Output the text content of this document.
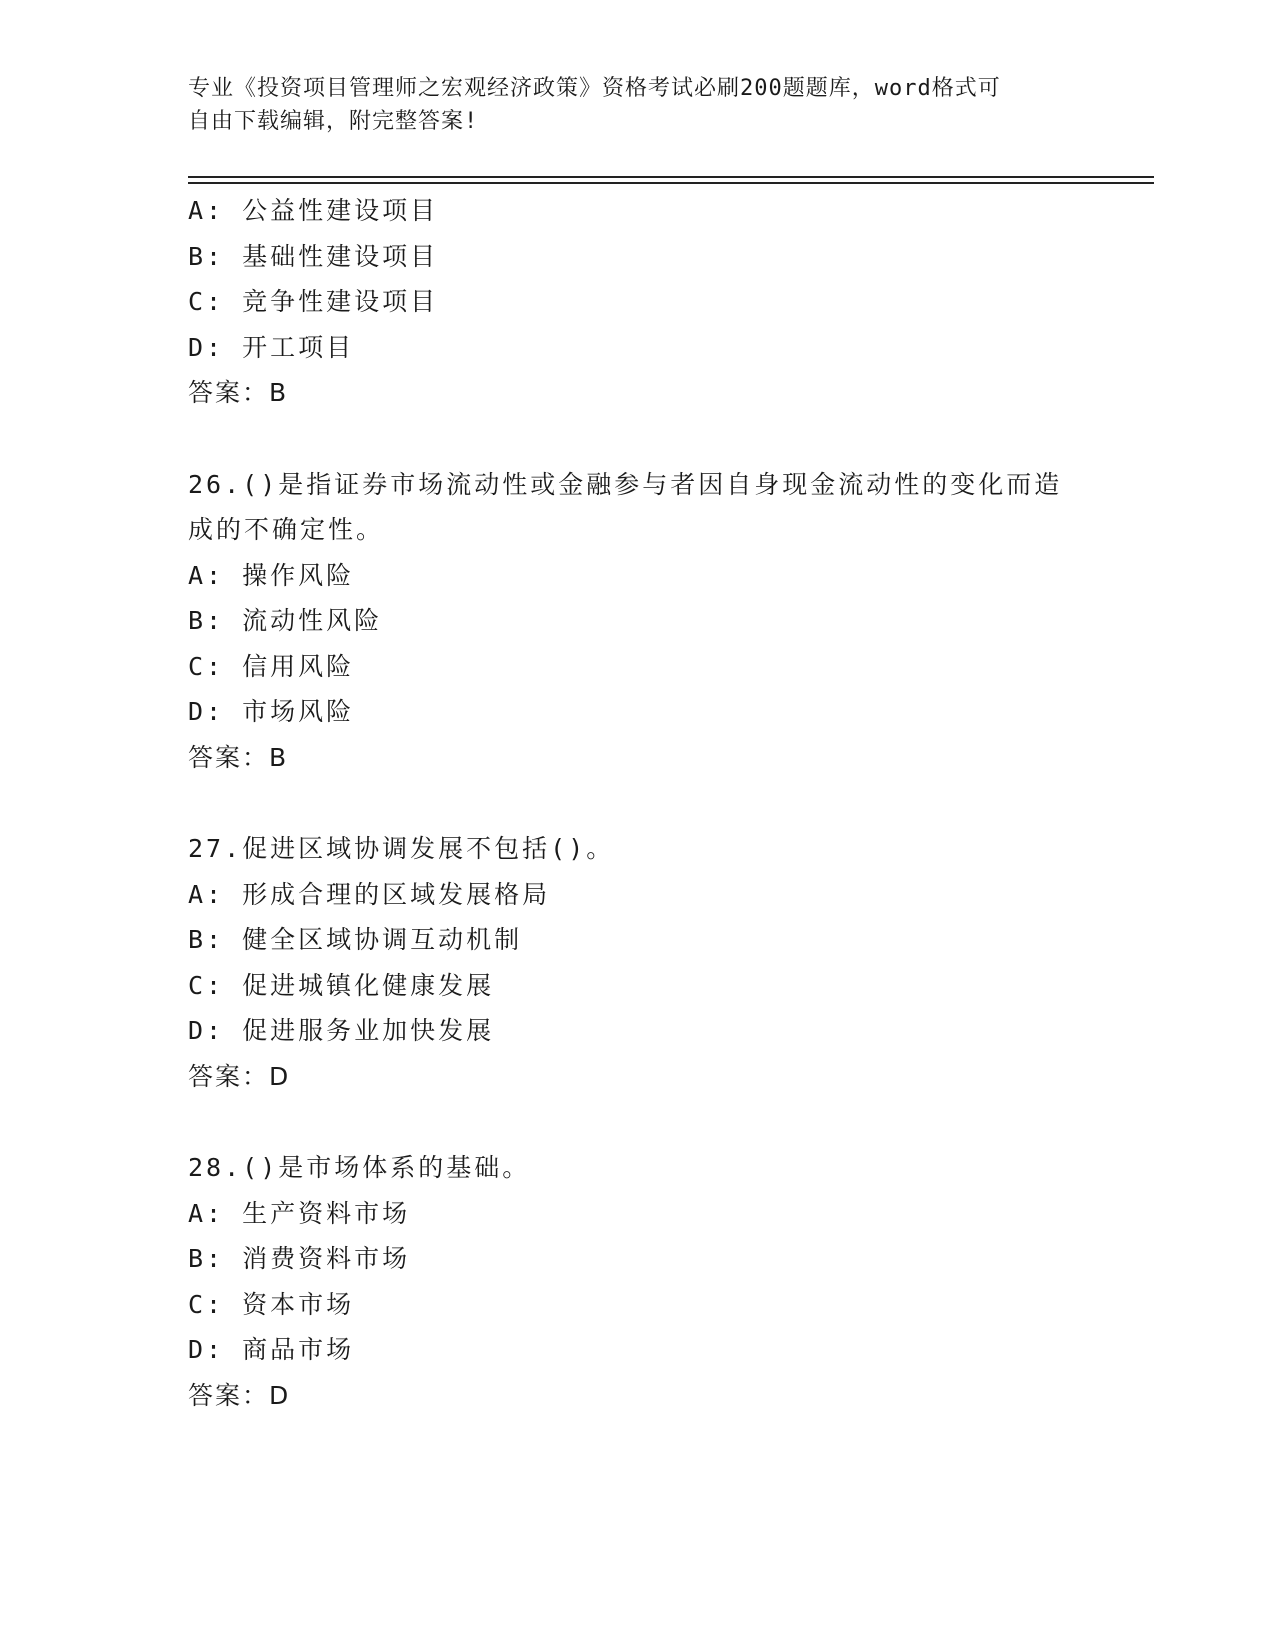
专业《投资项目管理师之宏观经济政策》资格考试必刷200题题库，word格式可
自由下载编辑，附完整答案!
A: 公益性建设项目
B: 基础性建设项目
C: 竞争性建设项目
D: 开工项目
答案：B
26.()是指证券市场流动性或金融参与者因自身现金流动性的变化而造
成的不确定性。
A: 操作风险
B: 流动性风险
C: 信用风险
D: 市场风险
答案：B
27.促进区域协调发展不包括()。
A: 形成合理的区域发展格局
B: 健全区域协调互动机制
C: 促进城镇化健康发展
D: 促进服务业加快发展
答案：D
28.()是市场体系的基础。
A: 生产资料市场
B: 消费资料市场
C: 资本市场
D: 商品市场
答案：D
